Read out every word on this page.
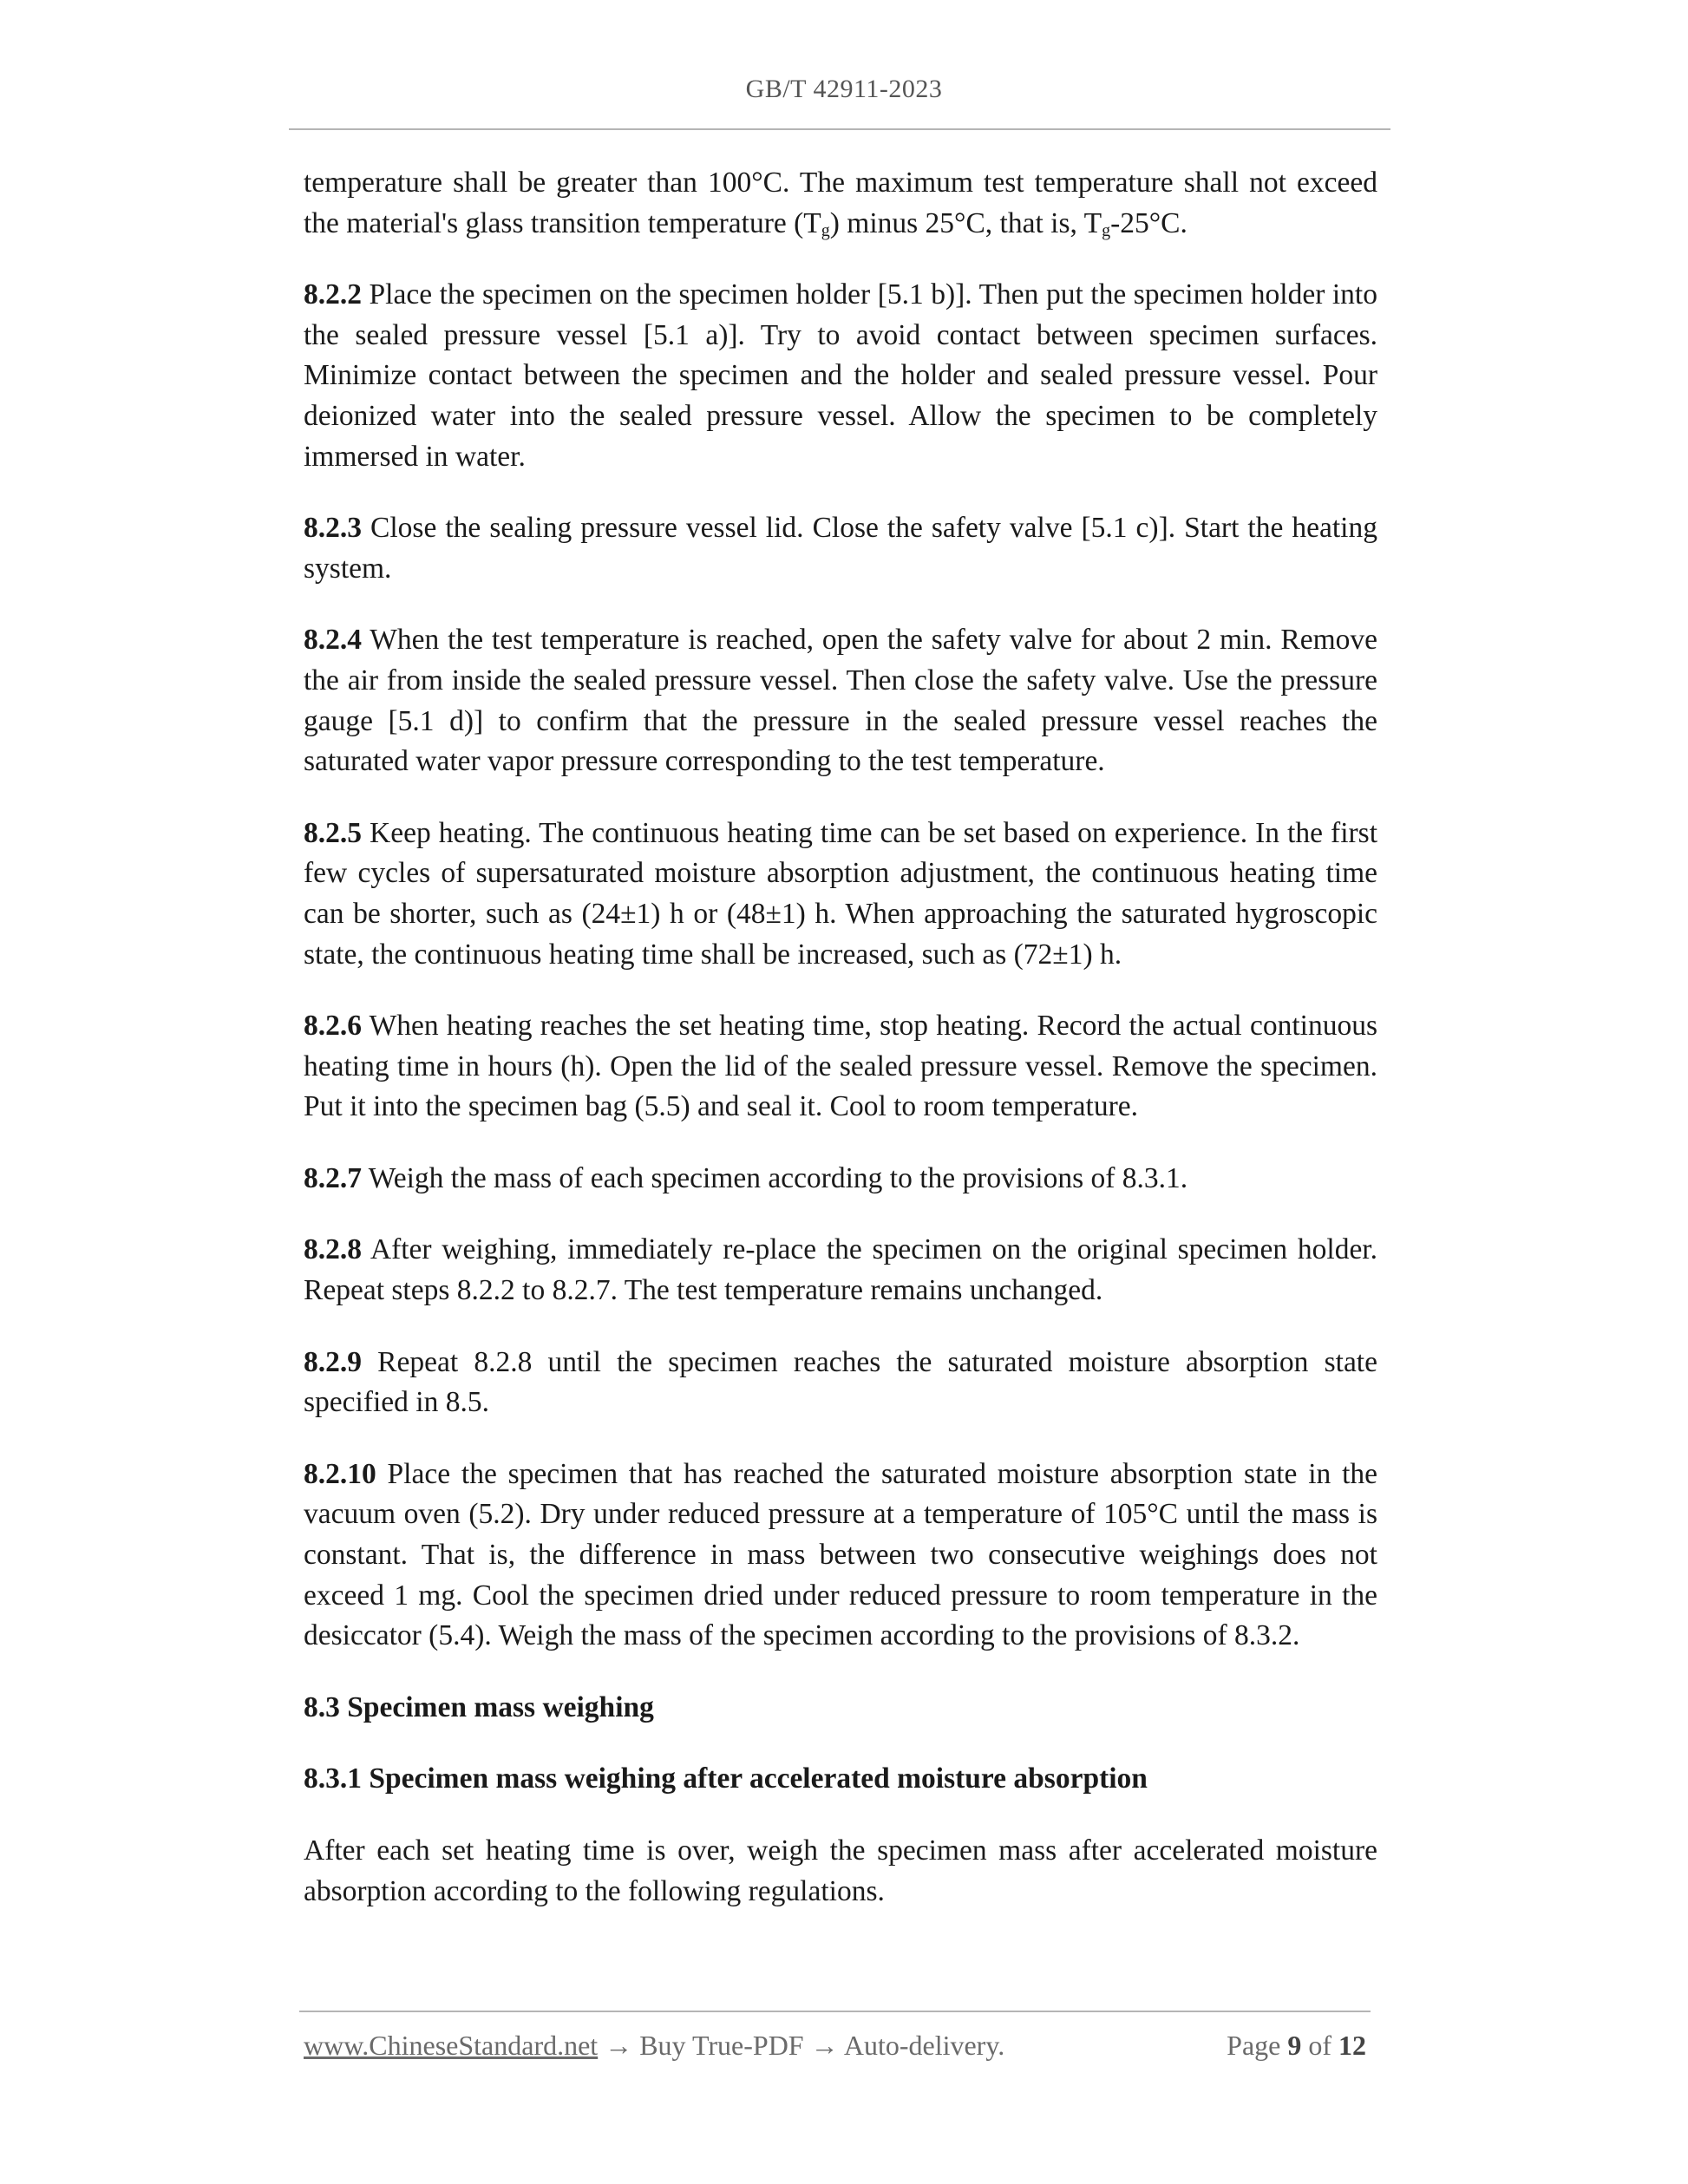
GB/T 42911-2023

temperature shall be greater than 100°C. The maximum test temperature shall not exceed the material's glass transition temperature $(T_g)$ minus 25°C, that is, $T_g-25^\circ C$.

8.2.2 Place the specimen on the specimen holder [5.1 b)]. Then put the specimen holder into the sealed pressure vessel [5.1 a)]. Try to avoid contact between specimen surfaces. Minimize contact between the specimen and the holder and sealed pressure vessel. Pour deionized water into the sealed pressure vessel. Allow the specimen to be completely immersed in water.

8.2.3 Close the sealing pressure vessel lid. Close the safety valve [5.1 c)]. Start the heating system.

8.2.4 When the test temperature is reached, open the safety valve for about 2 min. Remove the air from inside the sealed pressure vessel. Then close the safety valve. Use the pressure gauge [5.1 d)] to confirm that the pressure in the sealed pressure vessel reaches the saturated water vapor pressure corresponding to the test temperature.

8.2.5 Keep heating. The continuous heating time can be set based on experience. In the first few cycles of supersaturated moisture absorption adjustment, the continuous heating time can be shorter, such as (24±1) h or (48±1) h. When approaching the saturated hygroscopic state, the continuous heating time shall be increased, such as (72±1) h.

8.2.6 When heating reaches the set heating time, stop heating. Record the actual continuous heating time in hours (h). Open the lid of the sealed pressure vessel. Remove the specimen. Put it into the specimen bag (5.5) and seal it. Cool to room temperature.

8.2.7 Weigh the mass of each specimen according to the provisions of 8.3.1.

8.2.8 After weighing, immediately re-place the specimen on the original specimen holder. Repeat steps 8.2.2 to 8.2.7. The test temperature remains unchanged.

8.2.9 Repeat 8.2.8 until the specimen reaches the saturated moisture absorption state specified in 8.5.

8.2.10 Place the specimen that has reached the saturated moisture absorption state in the vacuum oven (5.2). Dry under reduced pressure at a temperature of 105°C until the mass is constant. That is, the difference in mass between two consecutive weighings does not exceed 1 mg. Cool the specimen dried under reduced pressure to room temperature in the desiccator (5.4). Weigh the mass of the specimen according to the provisions of 8.3.2.

8.3 Specimen mass weighing

8.3.1 Specimen mass weighing after accelerated moisture absorption

After each set heating time is over, weigh the specimen mass after accelerated moisture absorption according to the following regulations.

www.ChineseStandard.net → Buy True-PDF → Auto-delivery.	Page 9 of 12
